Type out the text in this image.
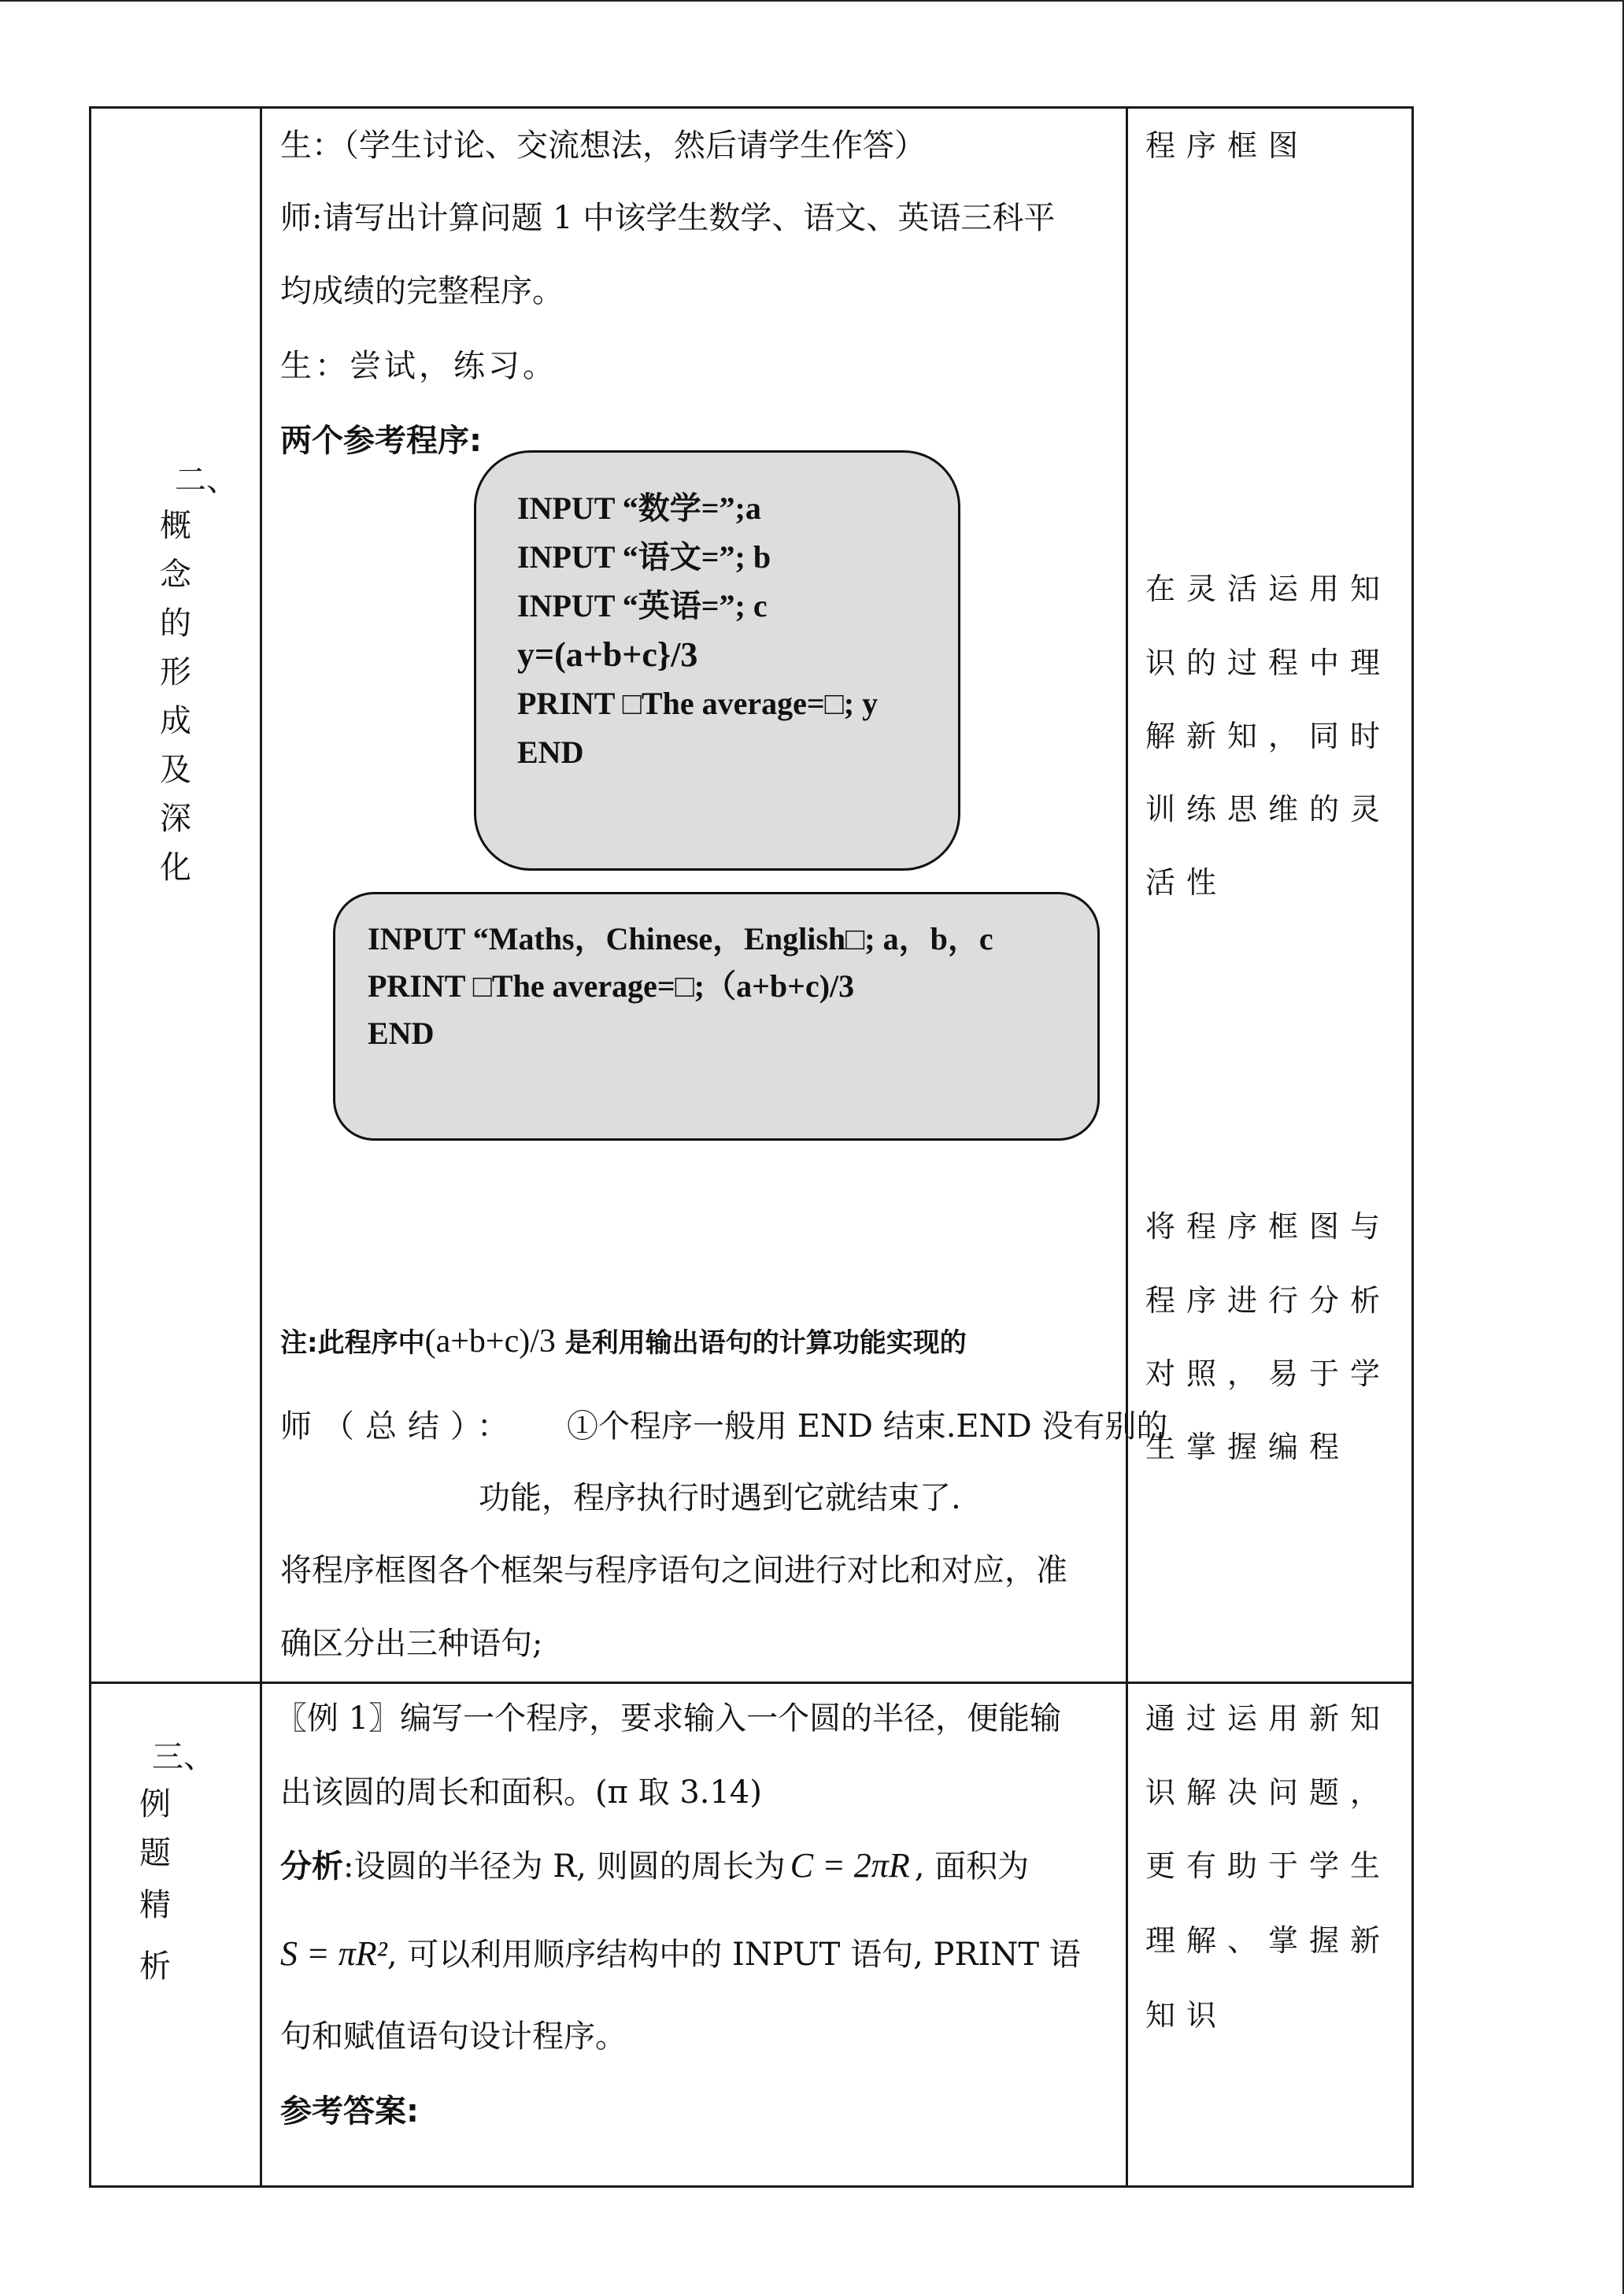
二、
概
念
的
形
成
及
深
化
生：（学生讨论、交流想法，然后请学生作答）
师:请写出计算问题 1 中该学生数学、语文、英语三科平
均成绩的完整程序。
生：尝试，练习。
两个参考程序:
INPUT “数学=”;a
INPUT “语文=”; b
INPUT “英语=”; c
y=(a+b+c}/3
PRINT □The average=□; y
END
INPUT “Maths，Chinese，English□; a，b，c
PRINT □The average=□;（a+b+c)/3
END
注:此程序中(a+b+c)/3 是利用输出语句的计算功能实现的
师（总结）： ①个程序一般用 END 结束.END 没有别的
功能，程序执行时遇到它就结束了.
将程序框图各个框架与程序语句之间进行对比和对应，准
确区分出三种语句;
程序框图
在灵活运用知
识的过程中理
解新知，同时
训练思维的灵
活性
将程序框图与
程序进行分析
对照，易于学
生掌握编程
三、
例
题
精
析
〖例 1〗编写一个程序，要求输入一个圆的半径，便能输
出该圆的周长和面积。(π 取 3.14)
分析:设圆的半径为 R, 则圆的周长为 C = 2πR , 面积为
S = πR², 可以利用顺序结构中的 INPUT 语句, PRINT 语
句和赋值语句设计程序。
参考答案:
通过运用新知
识解决问题，
更有助于学生
理解、掌握新
知识
